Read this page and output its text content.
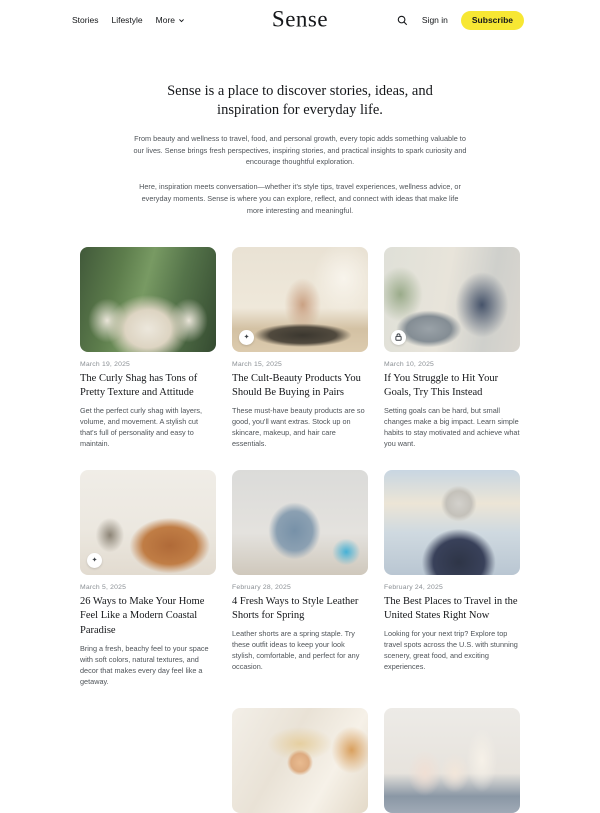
Stories Lifestyle More	Sense	Sign in	Subscribe
Sense is a place to discover stories, ideas, and inspiration for everyday life.

From beauty and wellness to travel, food, and personal growth, every topic adds something valuable to our lives. Sense brings fresh perspectives, inspiring stories, and practical insights to spark curiosity and encourage thoughtful exploration.

Here, inspiration meets conversation—whether it's style tips, travel experiences, wellness advice, or everyday moments. Sense is where you can explore, reflect, and connect with ideas that make life more interesting and meaningful.

March 19, 2025
The Curly Shag has Tons of Pretty Texture and Attitude

Get the perfect curly shag with layers, volume, and movement. A stylish cut that's full of personality and easy to maintain.

✦
March 15, 2025
The Cult-Beauty Products You Should Be Buying in Pairs

These must-have beauty products are so good, you'll want extras. Stock up on skincare, makeup, and hair care essentials.

March 10, 2025
If You Struggle to Hit Your Goals, Try This Instead

Setting goals can be hard, but small changes make a big impact. Learn simple habits to stay motivated and achieve what you want.

✦
March 5, 2025
26 Ways to Make Your Home Feel Like a Modern Coastal Paradise

Bring a fresh, beachy feel to your space with soft colors, natural textures, and decor that makes every day feel like a getaway.

February 28, 2025
4 Fresh Ways to Style Leather Shorts for Spring

Leather shorts are a spring staple. Try these outfit ideas to keep your look stylish, comfortable, and perfect for any occasion.

February 24, 2025
The Best Places to Travel in the United States Right Now

Looking for your next trip? Explore top travel spots across the U.S. with stunning scenery, great food, and exciting experiences.
